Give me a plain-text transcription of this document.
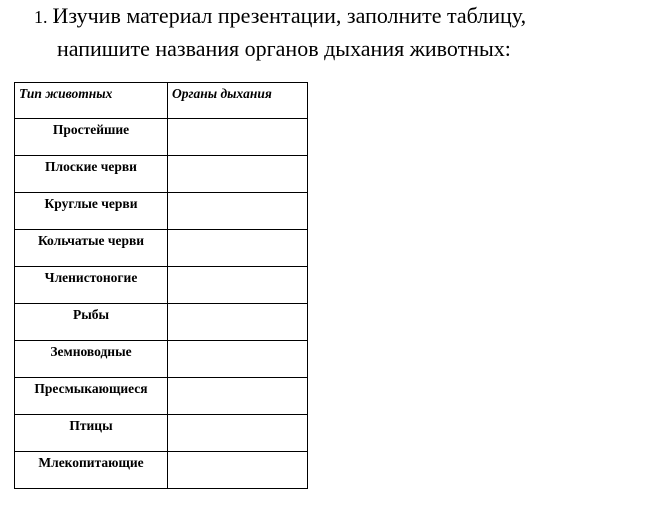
1. Изучив материал презентации, заполните таблицу,
напишите названия органов дыхания животных:
Тип животных	Органы дыхания
Простейшие	
Плоские черви	
Круглые черви	
Кольчатые черви	
Членистоногие	
Рыбы	
Земноводные	
Пресмыкающиеся	
Птицы	
Млекопитающие	
